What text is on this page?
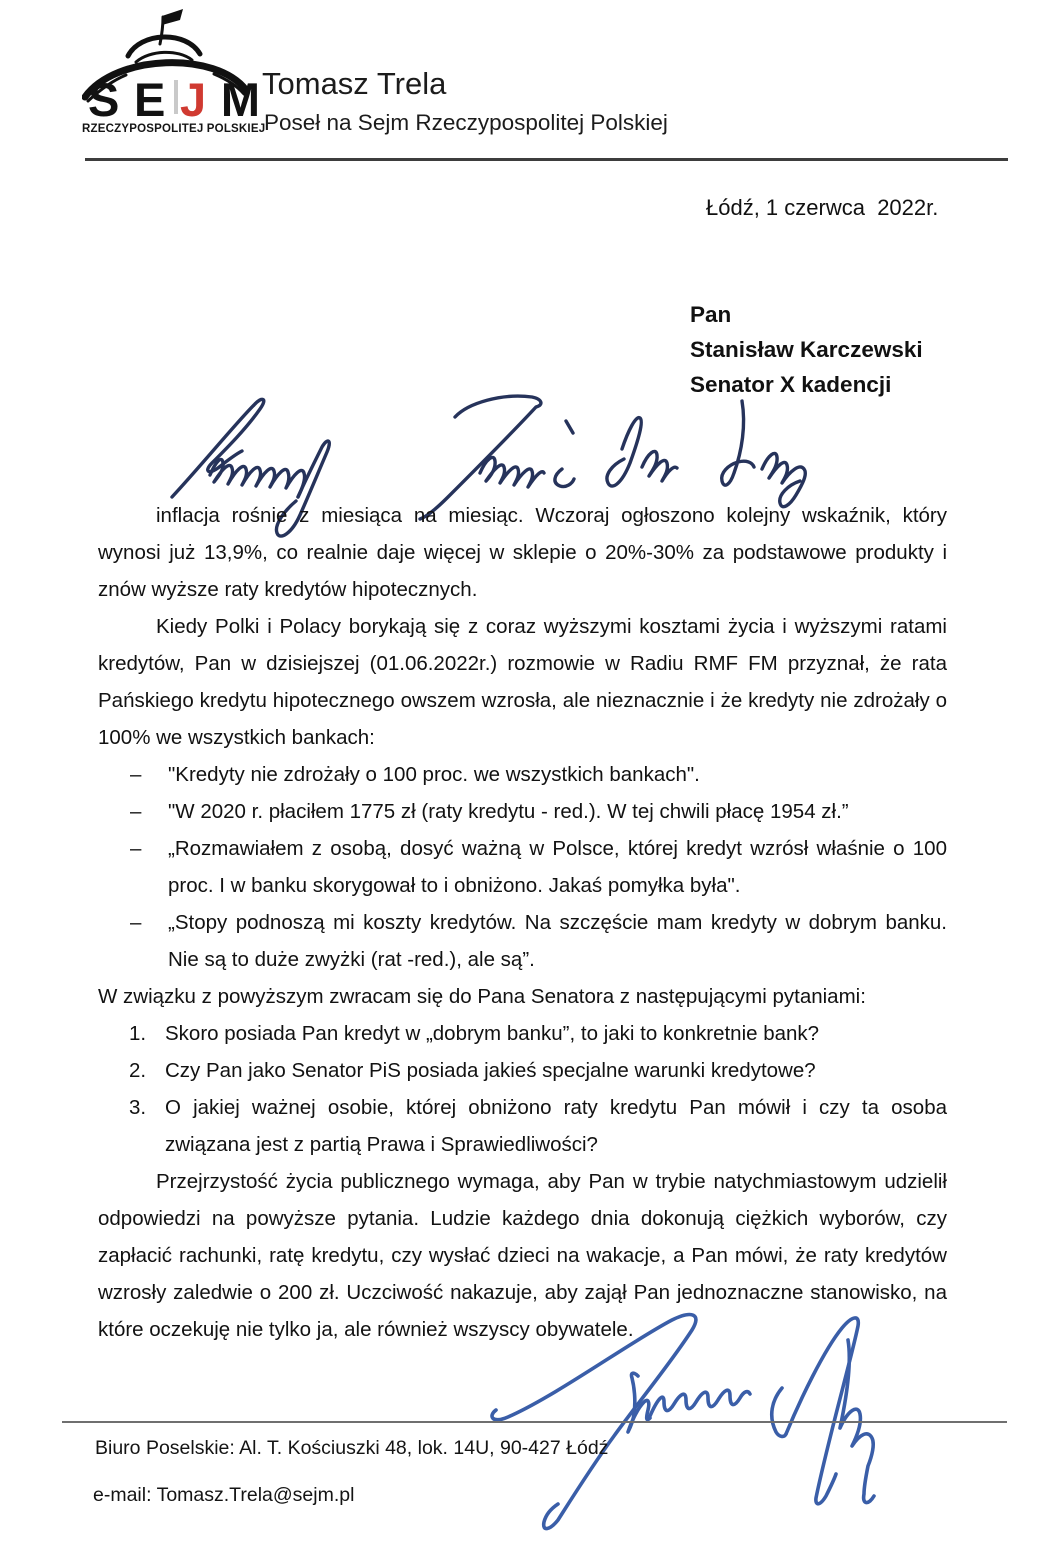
S E J M
RZECZYPOSPOLITEJ POLSKIEJ
Tomasz Trela
Poseł na Sejm Rzeczypospolitej Polskiej
Łódź, 1 czerwca  2022r.
Pan
Stanisław Karczewski
Senator X kadencji

inflacja rośnie z miesiąca na miesiąc. Wczoraj ogłoszono kolejny wskaźnik, który wynosi już 13,9%, co realnie daje więcej w sklepie o 20%-30% za podstawowe produkty i znów wyższe raty kredytów hipotecznych.

Kiedy Polki i Polacy borykają się z coraz wyższymi kosztami życia i wyższymi ratami kredytów, Pan w dzisiejszej (01.06.2022r.) rozmowie w Radiu RMF FM przyznał, że rata Pańskiego kredytu hipotecznego owszem wzrosła, ale nieznacznie i że kredyty nie zdrożały o 100% we wszystkich bankach:

–	"Kredyty nie zdrożały o 100 proc. we wszystkich bankach".
–	"W 2020 r. płaciłem 1775 zł (raty kredytu - red.). W tej chwili płacę 1954 zł.”
–	„Rozmawiałem z osobą, dosyć ważną w Polsce, której kredyt wzrósł właśnie o 100 proc. I w banku skorygował to i obniżono. Jakaś pomyłka była".
–	„Stopy podnoszą mi koszty kredytów. Na szczęście mam kredyty w dobrym banku. Nie są to duże zwyżki (rat -red.), ale są”.

W związku z powyższym zwracam się do Pana Senatora z następującymi pytaniami:

1. Skoro posiada Pan kredyt w „dobrym banku”, to jaki to konkretnie bank?
2. Czy Pan jako Senator PiS posiada jakieś specjalne warunki kredytowe?
3. O jakiej ważnej osobie, której obniżono raty kredytu Pan mówił i czy ta osoba związana jest z partią Prawa i Sprawiedliwości?

Przejrzystość życia publicznego wymaga, aby Pan w trybie natychmiastowym udzielił odpowiedzi na powyższe pytania. Ludzie każdego dnia dokonują ciężkich wyborów, czy zapłacić rachunki, ratę kredytu, czy wysłać dzieci na wakacje, a Pan mówi, że raty kredytów wzrosły zaledwie o 200 zł. Uczciwość nakazuje, aby zajął Pan jednoznaczne stanowisko, na które oczekuję nie tylko ja, ale również wszyscy obywatele.

Biuro Poselskie: Al. T. Kościuszki 48, lok. 14U, 90-427 Łódź
e-mail: Tomasz.Trela@sejm.pl
